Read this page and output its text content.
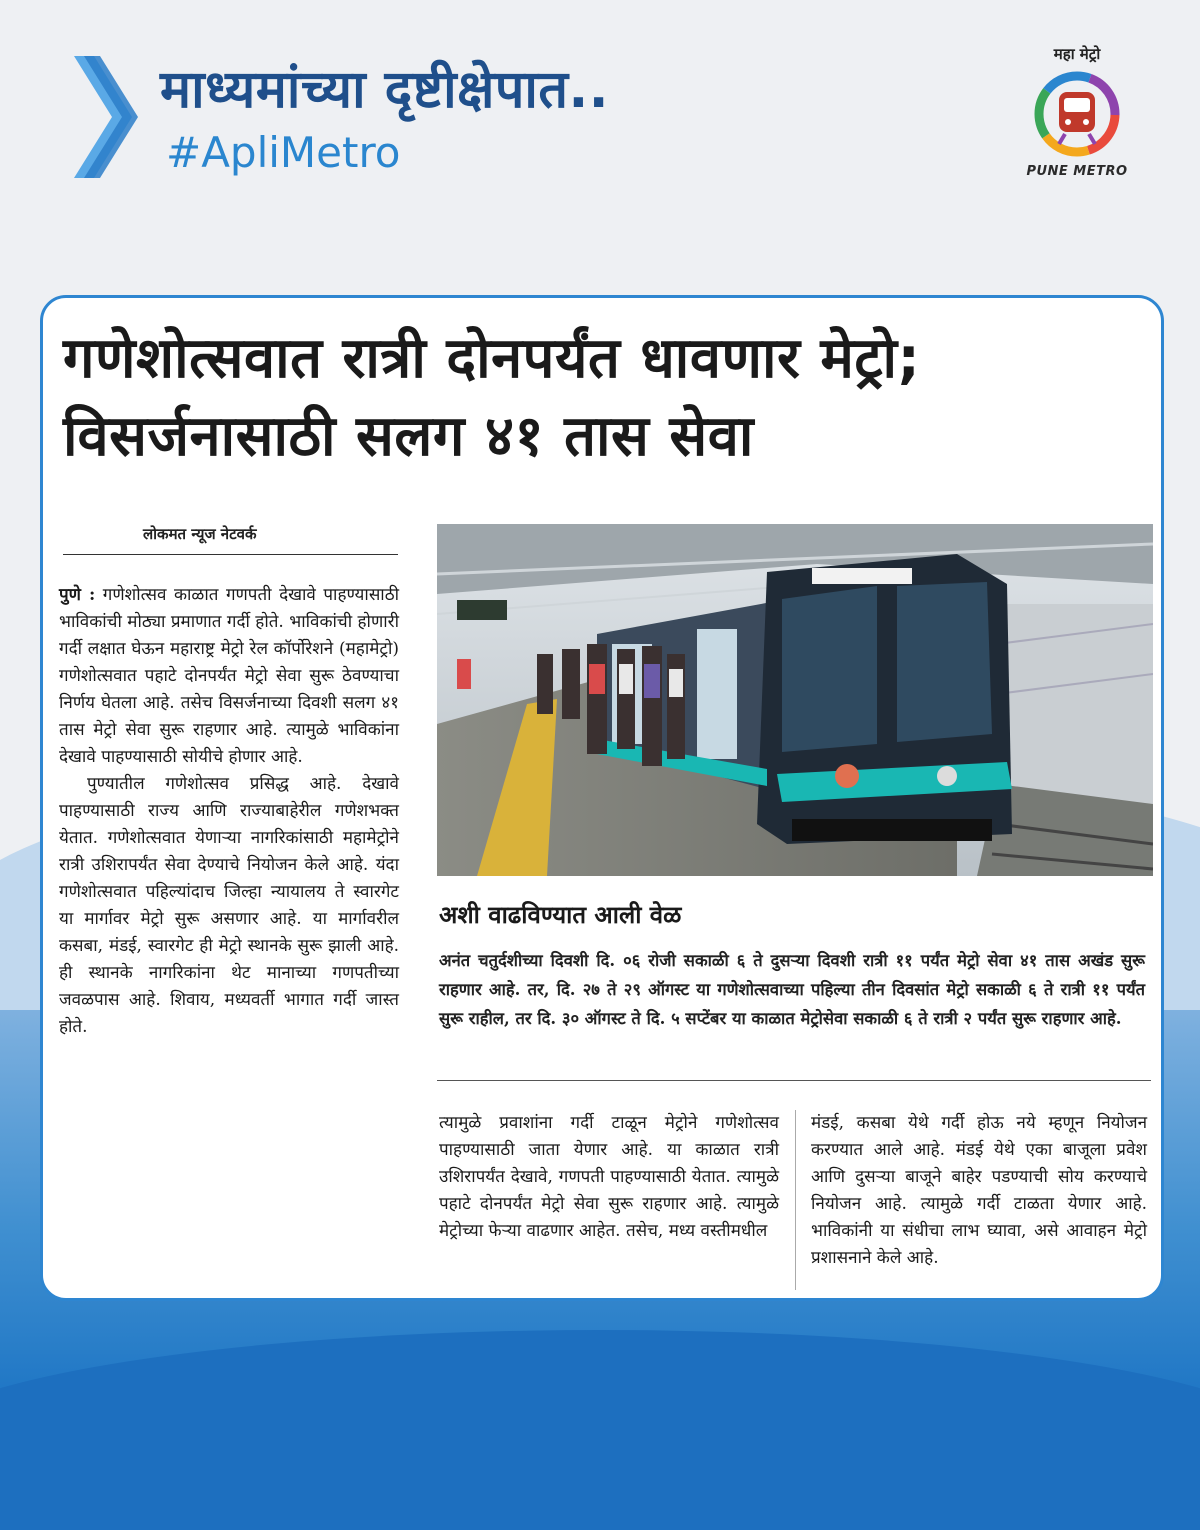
माध्यमांच्या दृष्टीक्षेपात..
#ApliMetro
महा मेट्रो
PUNE METRO
गणेशोत्सवात रात्री दोनपर्यंत धावणार मेट्रो; विसर्जनासाठी सलग ४१ तास सेवा
लोकमत न्यूज नेटवर्क

पुणे : गणेशोत्सव काळात गणपती देखावे पाहण्यासाठी भाविकांची मोठ्या प्रमाणात गर्दी होते. भाविकांची होणारी गर्दी लक्षात घेऊन महाराष्ट्र मेट्रो रेल कॉर्पोरेशने (महामेट्रो) गणेशोत्सवात पहाटे दोनपर्यंत मेट्रो सेवा सुरू ठेवण्याचा निर्णय घेतला आहे. तसेच विसर्जनाच्या दिवशी सलग ४१ तास मेट्रो सेवा सुरू राहणार आहे. त्यामुळे भाविकांना देखावे पाहण्यासाठी सोयीचे होणार आहे.

पुण्यातील गणेशोत्सव प्रसिद्ध आहे. देखावे पाहण्यासाठी राज्य आणि राज्याबाहेरील गणेशभक्त येतात. गणेशोत्सवात येणाऱ्या नागरिकांसाठी महामेट्रोने रात्री उशिरापर्यंत सेवा देण्याचे नियोजन केले आहे. यंदा गणेशोत्सवात पहिल्यांदाच जिल्हा न्यायालय ते स्वारगेट या मार्गावर मेट्रो सुरू असणार आहे. या मार्गावरील कसबा, मंडई, स्वारगेट ही मेट्रो स्थानके सुरू झाली आहे. ही स्थानके नागरिकांना थेट मानाच्या गणपतीच्या जवळपास आहे. शिवाय, मध्यवर्ती भागात गर्दी जास्त होते.

अशी वाढविण्यात आली वेळ

अनंत चतुर्दशीच्या दिवशी दि. ०६ रोजी सकाळी ६ ते दुसऱ्या दिवशी रात्री ११ पर्यंत मेट्रो सेवा ४१ तास अखंड सुरू राहणार आहे. तर, दि. २७ ते २९ ऑगस्ट या गणेशोत्सवाच्या पहिल्या तीन दिवसांत मेट्रो सकाळी ६ ते रात्री ११ पर्यंत सुरू राहील, तर दि. ३० ऑगस्ट ते दि. ५ सप्टेंबर या काळात मेट्रोसेवा सकाळी ६ ते रात्री २ पर्यंत सुरू राहणार आहे.

त्यामुळे प्रवाशांना गर्दी टाळून मेट्रोने गणेशोत्सव पाहण्यासाठी जाता येणार आहे. या काळात रात्री उशिरापर्यंत देखावे, गणपती पाहण्यासाठी येतात. त्यामुळे पहाटे दोनपर्यंत मेट्रो सेवा सुरू राहणार आहे. त्यामुळे मेट्रोच्या फेऱ्या वाढणार आहेत. तसेच, मध्य वस्तीमधील

मंडई, कसबा येथे गर्दी होऊ नये म्हणून नियोजन करण्यात आले आहे. मंडई येथे एका बाजूला प्रवेश आणि दुसऱ्या बाजूने बाहेर पडण्याची सोय करण्याचे नियोजन आहे. त्यामुळे गर्दी टाळता येणार आहे. भाविकांनी या संधीचा लाभ घ्यावा, असे आवाहन मेट्रो प्रशासनाने केले आहे.
